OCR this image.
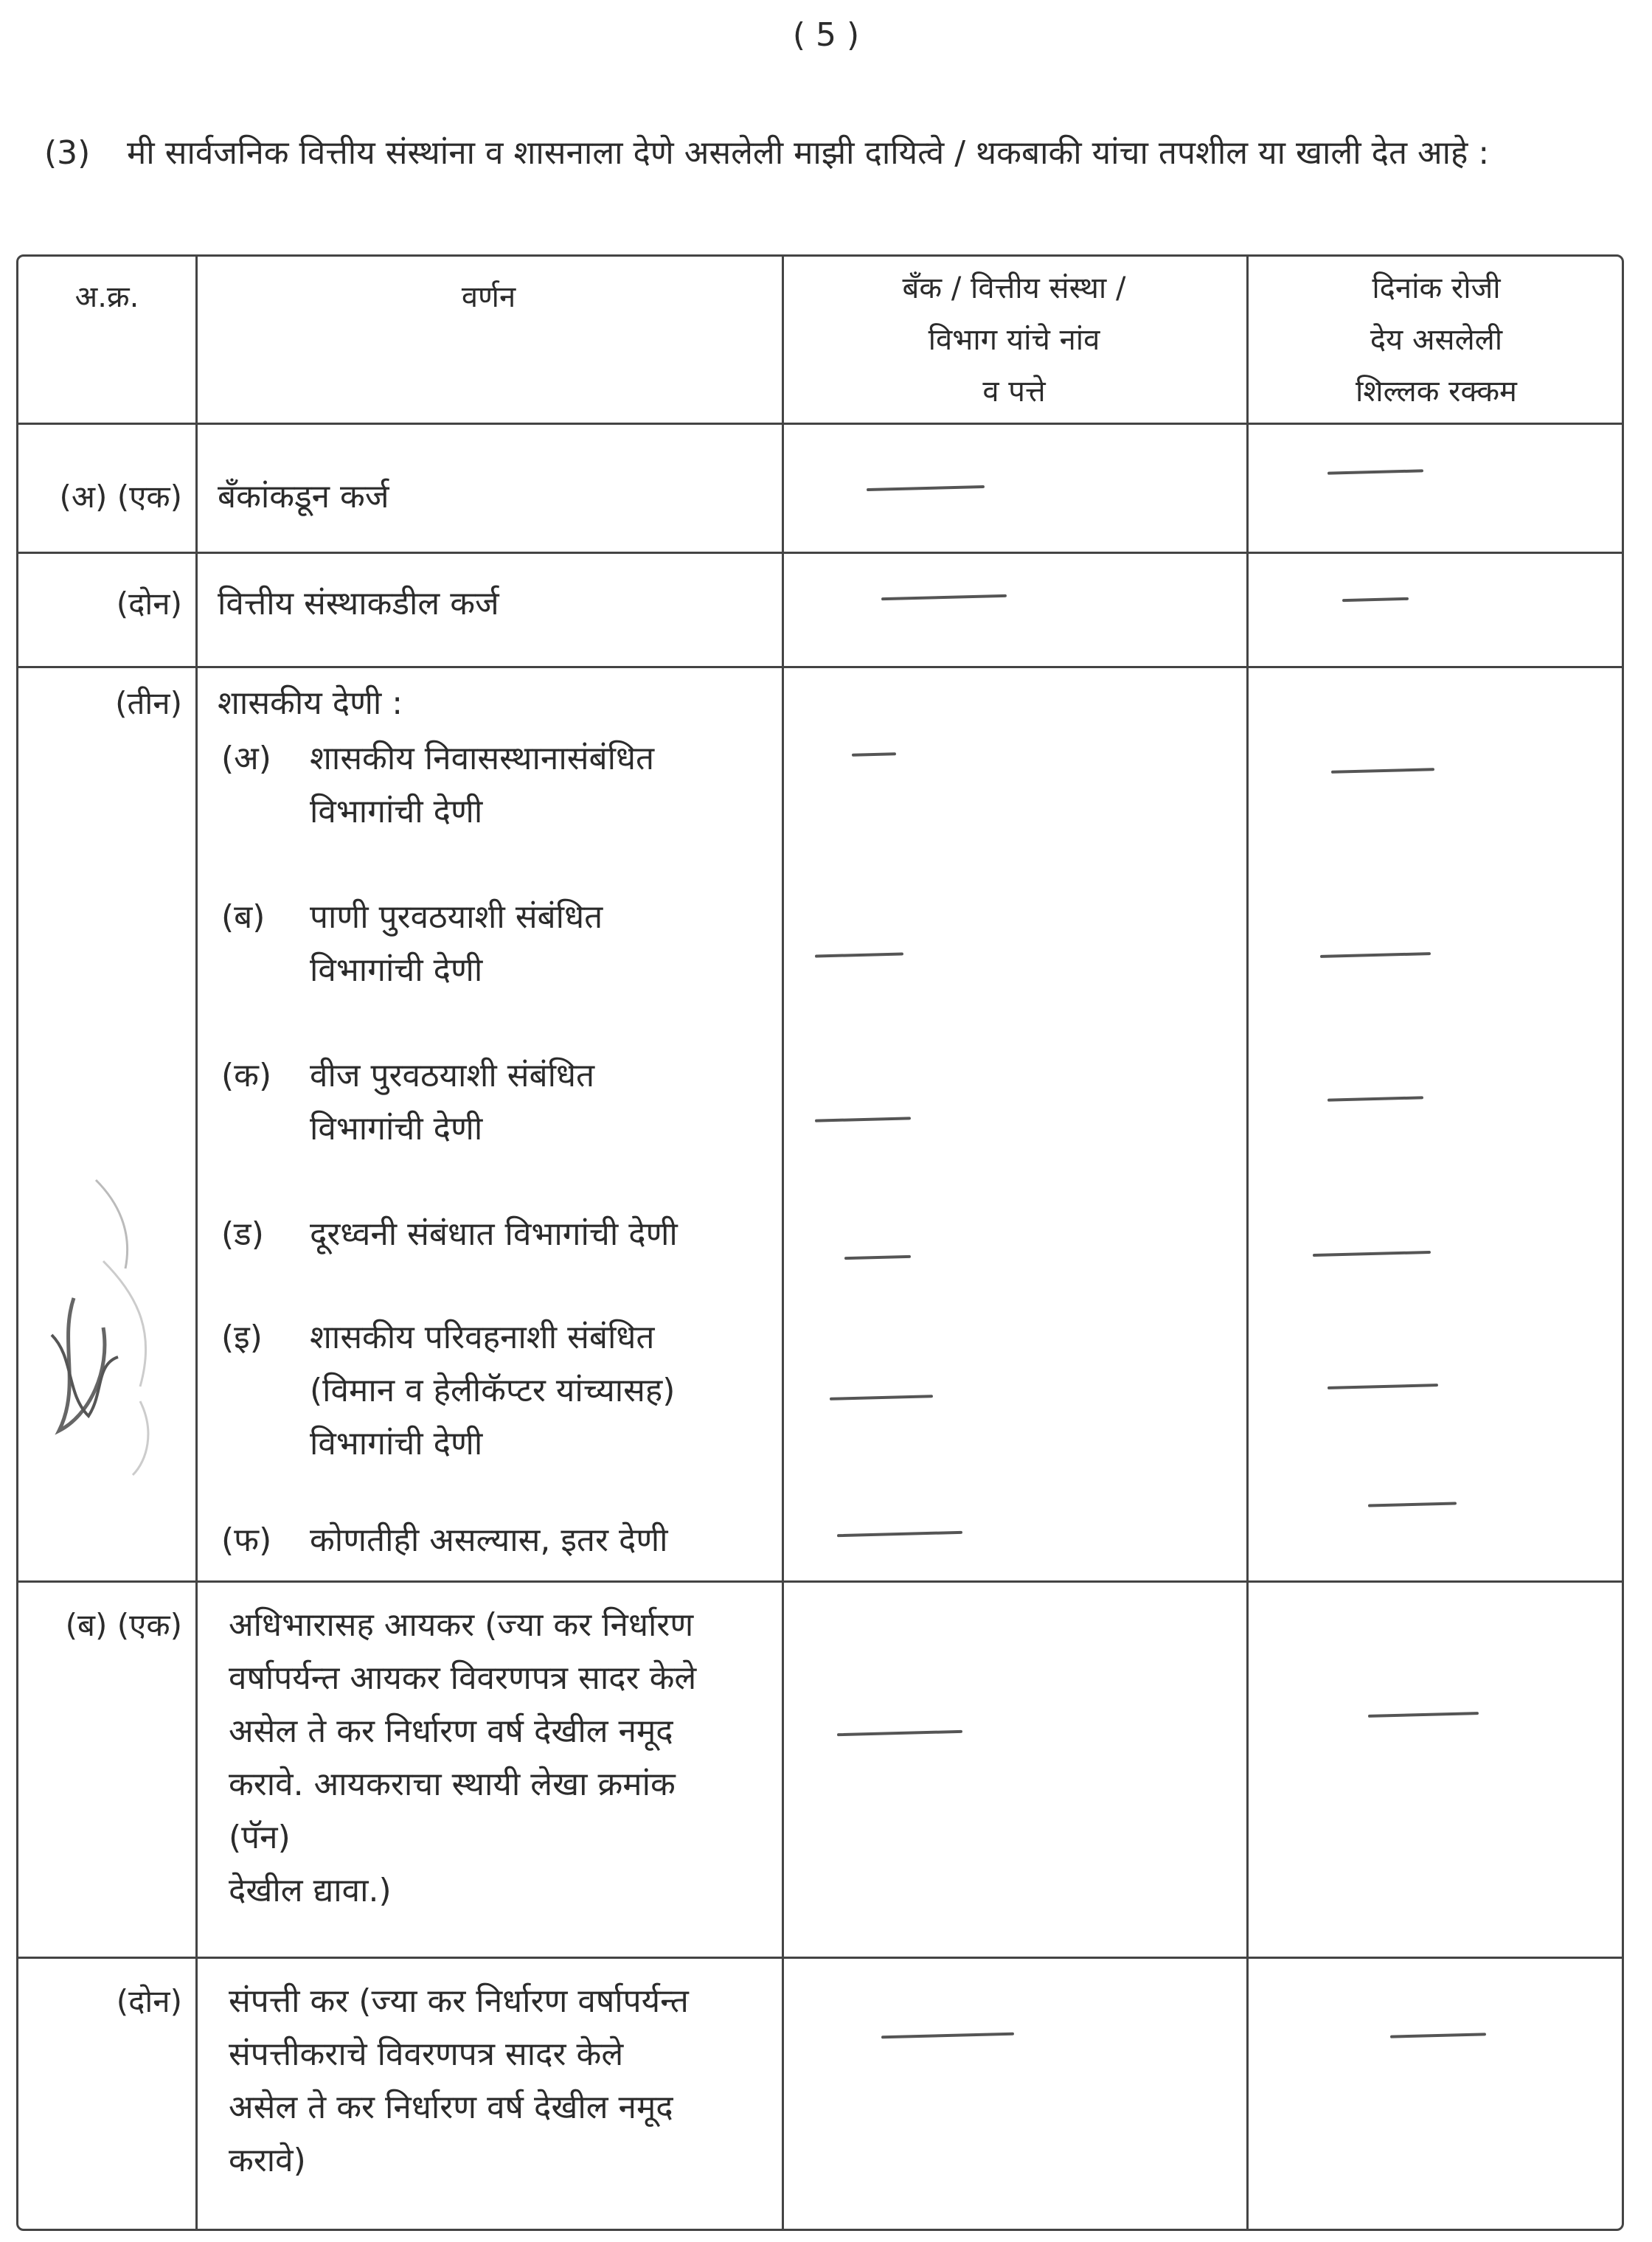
( 5 )
(3) मी सार्वजनिक वित्तीय संस्थांना व शासनाला देणे असलेली माझी दायित्वे / थकबाकी यांचा तपशील या खाली देत आहे :
अ.क्र.	वर्णन	बँक / वित्तीय संस्था /
विभाग यांचे नांव
व पत्ते
दिनांक रोजी
देय असलेली
शिल्लक रक्कम
(अ) (एक) बँकांकडून कर्ज
(दोन) वित्तीय संस्थाकडील कर्ज
(तीन) शासकीय देणी :
(अ) शासकीय निवासस्थानासंबंधित
विभागांची देणी
(ब) पाणी पुरवठयाशी संबंधित
विभागांची देणी
(क) वीज पुरवठयाशी संबंधित
विभागांची देणी
(ड) दूरध्वनी संबंधात विभागांची देणी
(इ) शासकीय परिवहनाशी संबंधित
(विमान व हेलीकॅप्टर यांच्यासह)
विभागांची देणी
(फ) कोणतीही असल्यास, इतर देणी
(ब) (एक) अधिभारासह आयकर (ज्या कर निर्धारण
वर्षापर्यन्त आयकर विवरणपत्र सादर केले
असेल ते कर निर्धारण वर्ष देखील नमूद
करावे. आयकराचा स्थायी लेखा क्रमांक
(पॅन)
देखील द्यावा.)
(दोन) संपत्ती कर (ज्या कर निर्धारण वर्षापर्यन्त
संपत्तीकराचे विवरणपत्र सादर केले
असेल ते कर निर्धारण वर्ष देखील नमूद
करावे)
